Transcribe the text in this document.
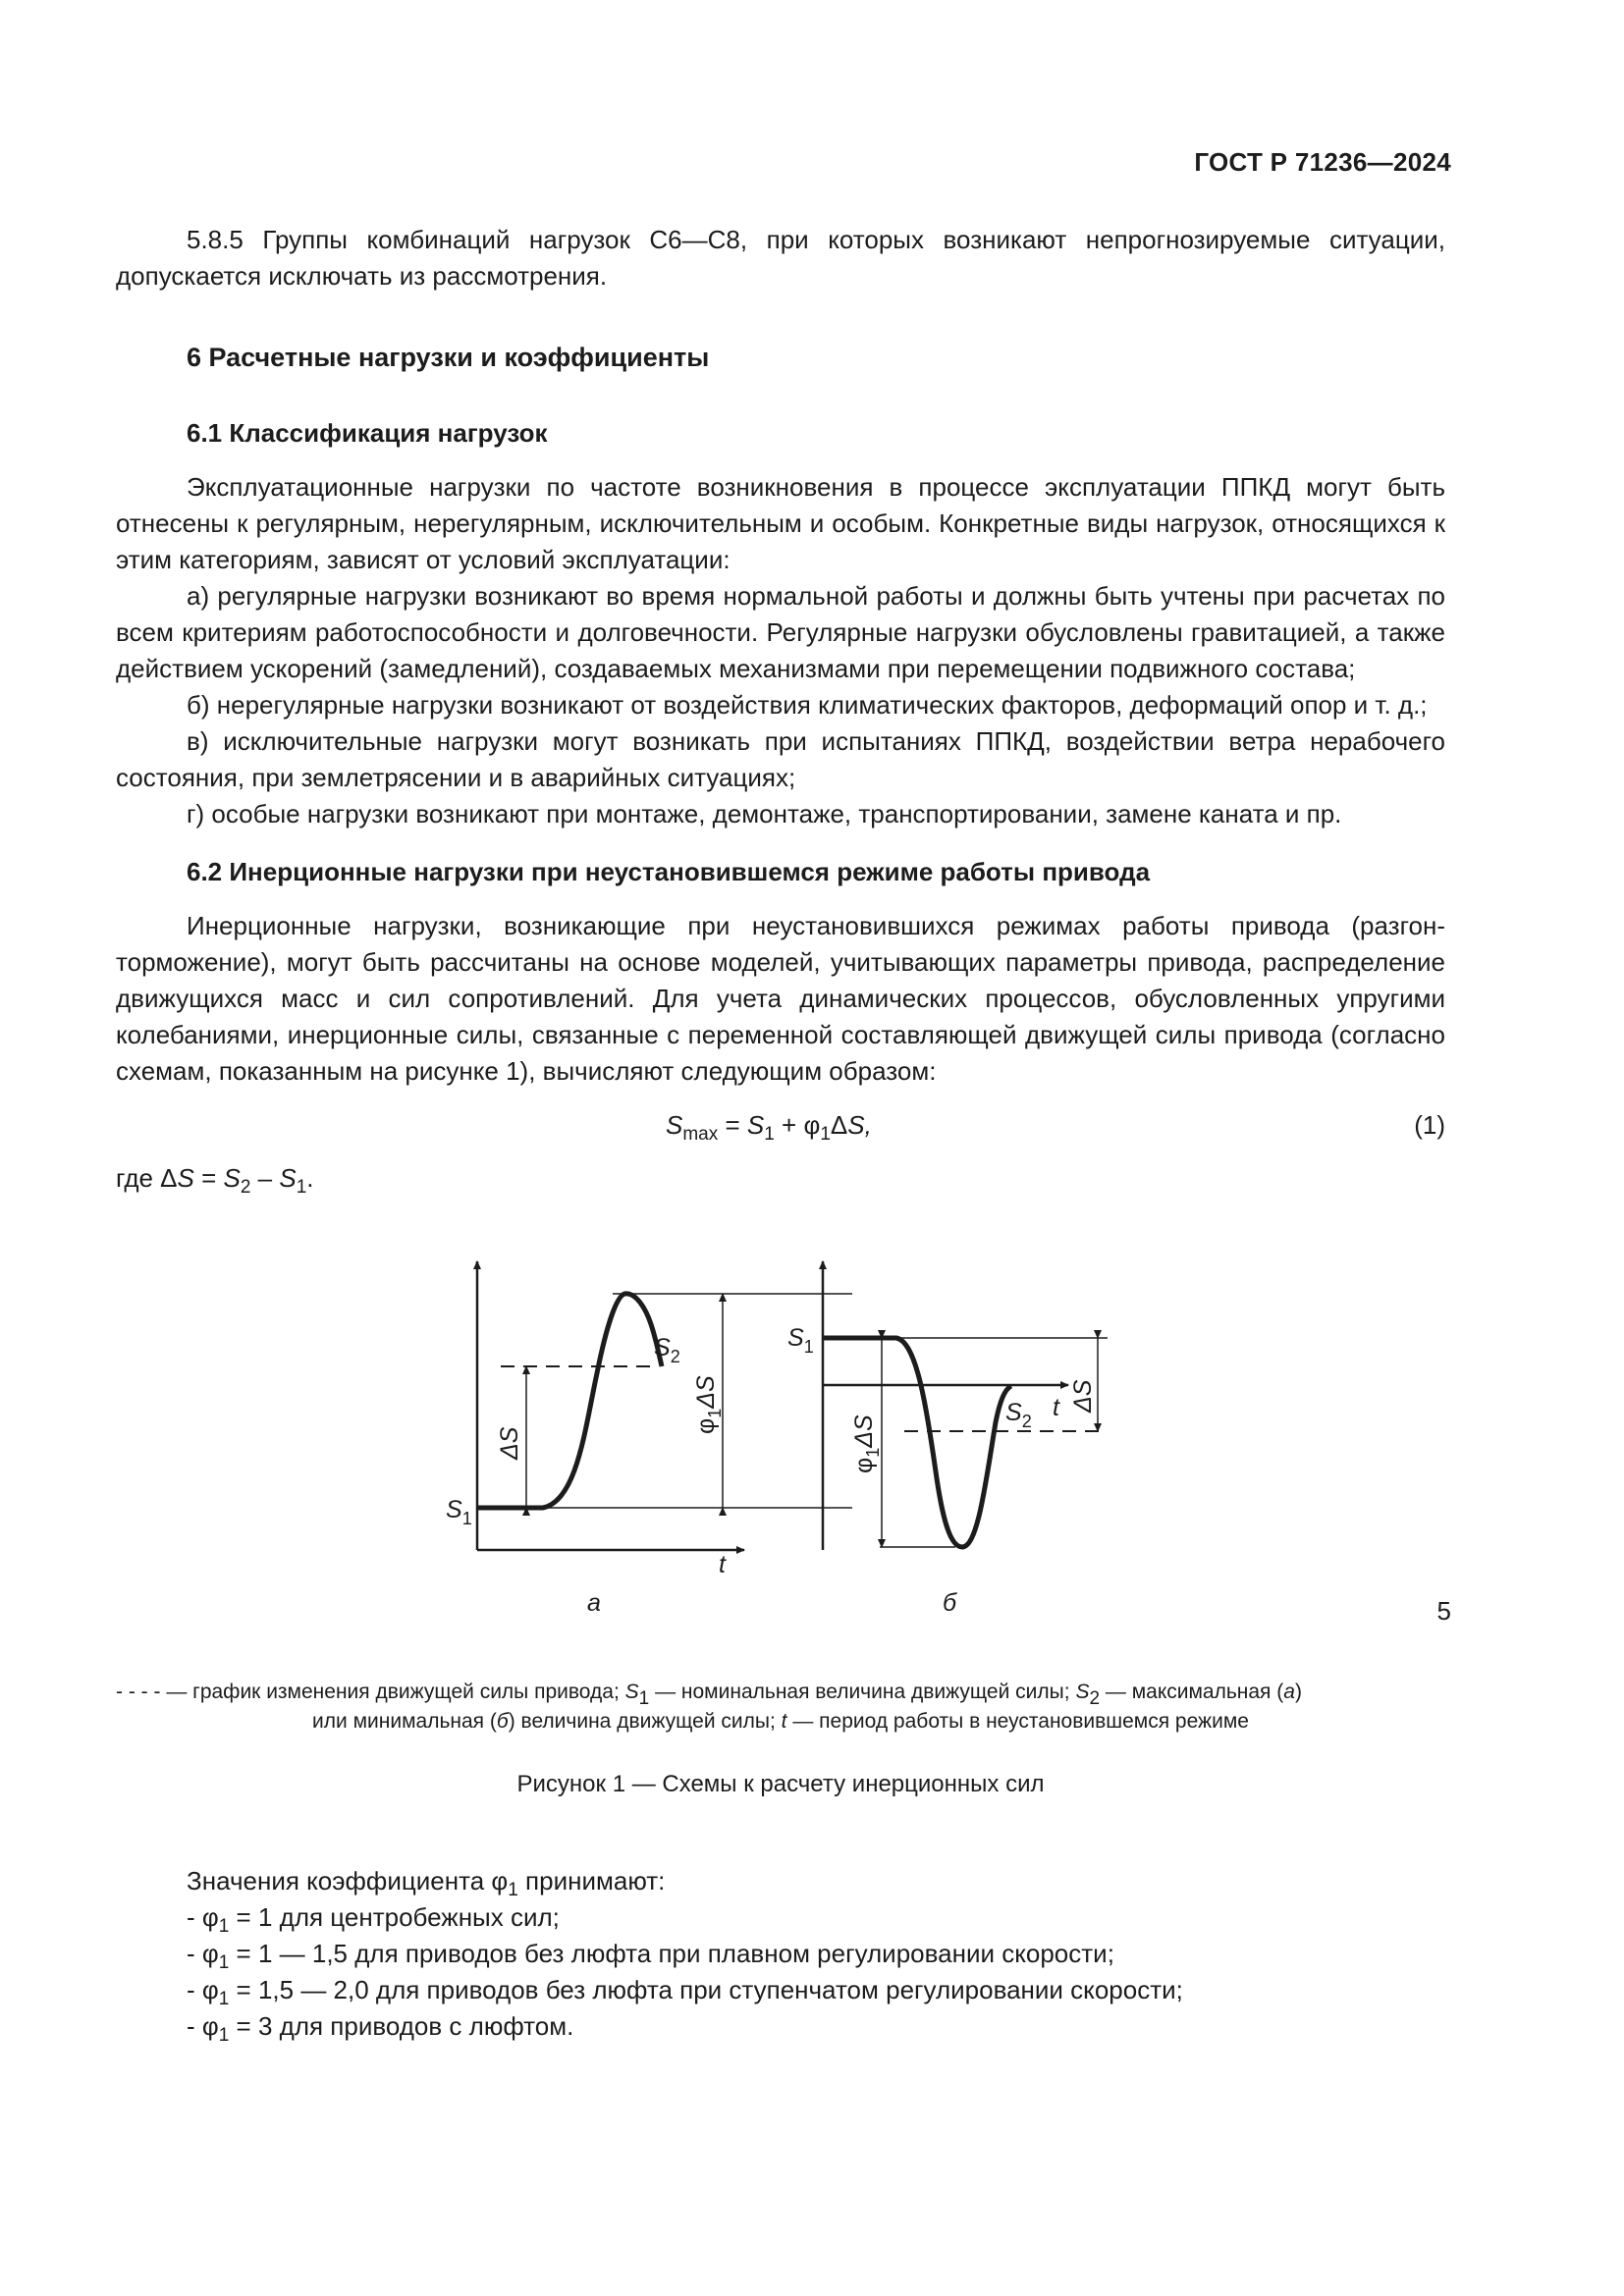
ГОСТ Р 71236—2024

5.8.5 Группы комбинаций нагрузок С6—С8, при которых возникают непрогнозируемые ситуации, допускается исключать из рассмотрения.

6 Расчетные нагрузки и коэффициенты
6.1 Классификация нагрузок

Эксплуатационные нагрузки по частоте возникновения в процессе эксплуатации ППКД могут быть отнесены к регулярным, нерегулярным, исключительным и особым. Конкретные виды нагрузок, относящихся к этим категориям, зависят от условий эксплуатации:

а) регулярные нагрузки возникают во время нормальной работы и должны быть учтены при расчетах по всем критериям работоспособности и долговечности. Регулярные нагрузки обусловлены гравитацией, а также действием ускорений (замедлений), создаваемых механизмами при перемещении подвижного состава;

б) нерегулярные нагрузки возникают от воздействия климатических факторов, деформаций опор и т. д.;

в) исключительные нагрузки могут возникать при испытаниях ППКД, воздействии ветра нерабочего состояния, при землетрясении и в аварийных ситуациях;

г) особые нагрузки возникают при монтаже, демонтаже, транспортировании, замене каната и пр.

6.2 Инерционные нагрузки при неустановившемся режиме работы привода

Инерционные нагрузки, возникающие при неустановившихся режимах работы привода (разгон-торможение), могут быть рассчитаны на основе моделей, учитывающих параметры привода, распределение движущихся масс и сил сопротивлений. Для учета динамических процессов, обусловленных упругими колебаниями, инерционные силы, связанные с переменной составляющей движущей силы привода (согласно схемам, показанным на рисунке 1), вычисляют следующим образом:

$S_{max} = S_1 + \varphi_1\Delta S$,	(1)

где $\Delta S = S_2 - S_1$.

$S_1$
$S_2$
ΔS
$\varphi_1\Delta S$
t
а
$S_1$
$S_2$ t ΔS
$\varphi_1\Delta S$
б
- - - - — график изменения движущей силы привода; $S_1$ — номинальная величина движущей силы; $S_2$ — максимальная (а)
или минимальная (б) величина движущей силы; t — период работы в неустановившемся режиме
Рисунок 1 — Схемы к расчету инерционных сил

Значения коэффициента $\varphi_1$ принимают:

- $\varphi_1 = 1$ для центробежных сил;

- $\varphi_1 = 1$ — 1,5 для приводов без люфта при плавном регулировании скорости;

- $\varphi_1 = 1,5$ — 2,0 для приводов без люфта при ступенчатом регулировании скорости;

- $\varphi_1 = 3$ для приводов с люфтом.

5
